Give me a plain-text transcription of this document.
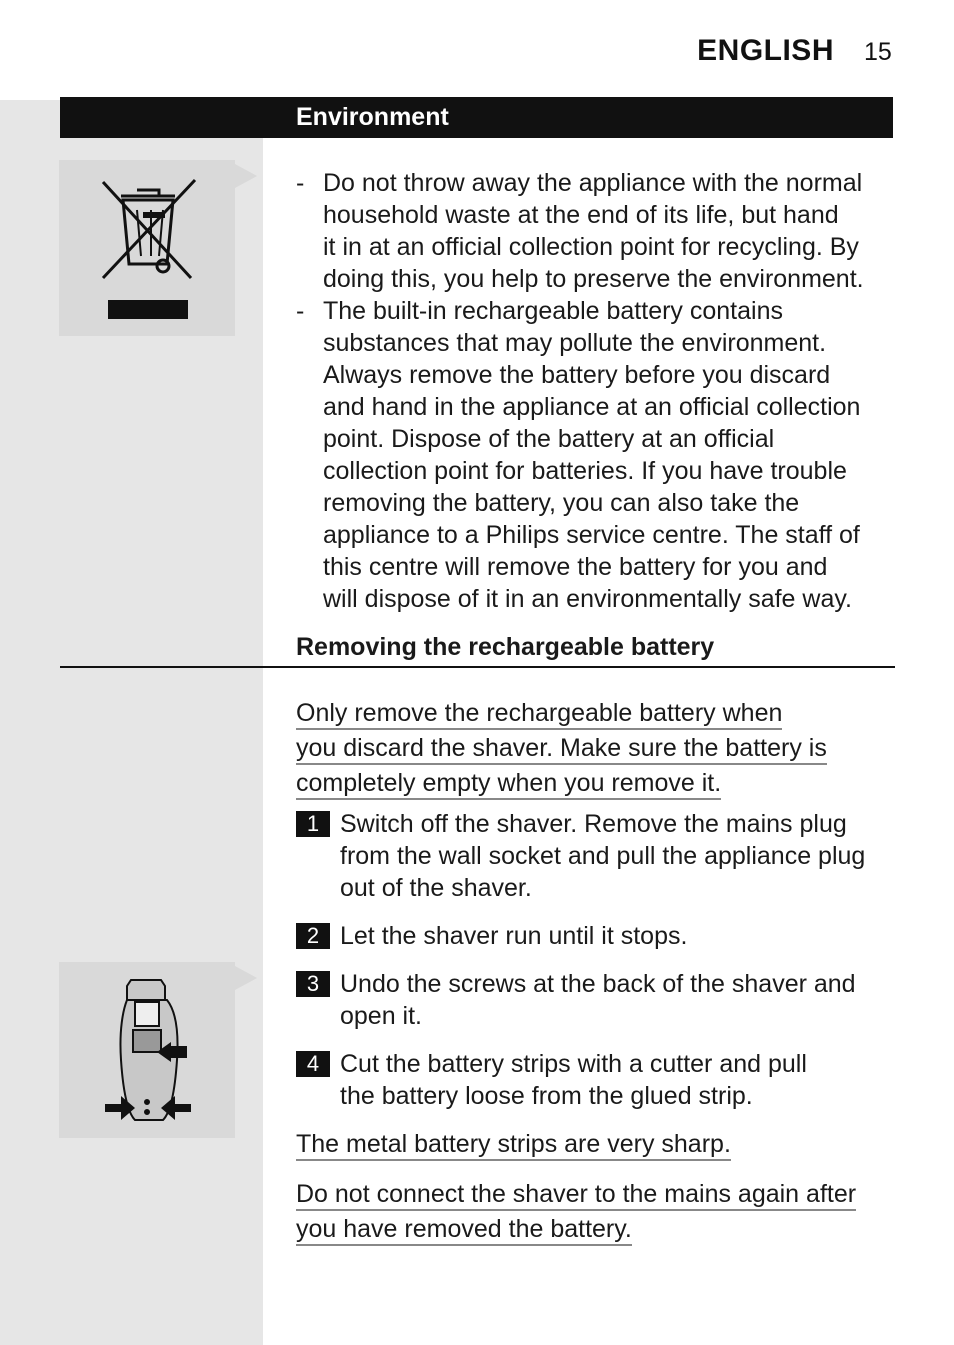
ENGLISH 15
Environment
- Do not throw away the appliance with the normal
household waste at the end of its life, but hand
it in at an official collection point for recycling. By
doing this, you help to preserve the environment.
- The built-in rechargeable battery contains
substances that may pollute the environment.
Always remove the battery before you discard
and hand in the appliance at an official collection
point. Dispose of the battery at an official
collection point for batteries. If you have trouble
removing the battery, you can also take the
appliance to a Philips service centre. The staff of
this centre will remove the battery for you and
will dispose of it in an environmentally safe way.
Removing the rechargeable battery
Only remove the rechargeable battery when
you discard the shaver. Make sure the battery is
completely empty when you remove it.
1 Switch off the shaver. Remove the mains plug
from the wall socket and pull the appliance plug
out of the shaver.
2 Let the shaver run until it stops.
3 Undo the screws at the back of the shaver and
open it.
4 Cut the battery strips with a cutter and pull
the battery loose from the glued strip.
The metal battery strips are very sharp.
Do not connect the shaver to the mains again after
you have removed the battery.
